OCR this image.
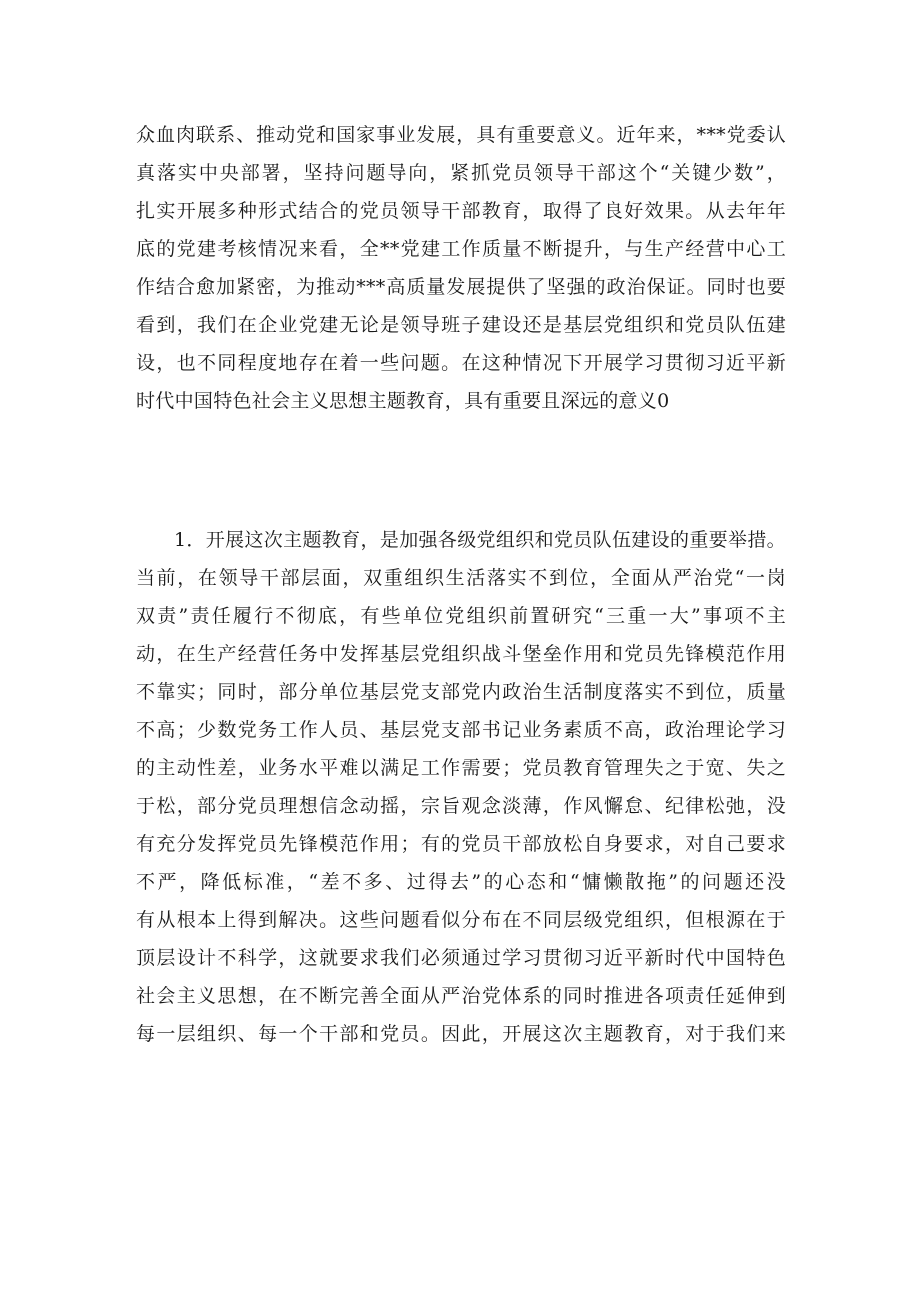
众血肉联系、推动党和国家事业发展，具有重要意义。近年来，***党委认
真落实中央部署，坚持问题导向，紧抓党员领导干部这个“关键少数”，
扎实开展多种形式结合的党员领导干部教育，取得了良好效果。从去年年
底的党建考核情况来看，全**党建工作质量不断提升，与生产经营中心工
作结合愈加紧密，为推动***高质量发展提供了坚强的政治保证。同时也要
看到，我们在企业党建无论是领导班子建设还是基层党组织和党员队伍建
设，也不同程度地存在着一些问题。在这种情况下开展学习贯彻习近平新
时代中国特色社会主义思想主题教育，具有重要且深远的意义0
1．开展这次主题教育，是加强各级党组织和党员队伍建设的重要举措。
当前，在领导干部层面，双重组织生活落实不到位，全面从严治党“一岗
双责”责任履行不彻底，有些单位党组织前置研究“三重一大”事项不主
动，在生产经营任务中发挥基层党组织战斗堡垒作用和党员先锋模范作用
不靠实；同时，部分单位基层党支部党内政治生活制度落实不到位，质量
不高；少数党务工作人员、基层党支部书记业务素质不高，政治理论学习
的主动性差，业务水平难以满足工作需要；党员教育管理失之于宽、失之
于松，部分党员理想信念动摇，宗旨观念淡薄，作风懈怠、纪律松弛，没
有充分发挥党员先锋模范作用；有的党员干部放松自身要求，对自己要求
不严，降低标准，“差不多、过得去”的心态和“慵懒散拖”的问题还没
有从根本上得到解决。这些问题看似分布在不同层级党组织，但根源在于
顶层设计不科学，这就要求我们必须通过学习贯彻习近平新时代中国特色
社会主义思想，在不断完善全面从严治党体系的同时推进各项责任延伸到
每一层组织、每一个干部和党员。因此，开展这次主题教育，对于我们来
